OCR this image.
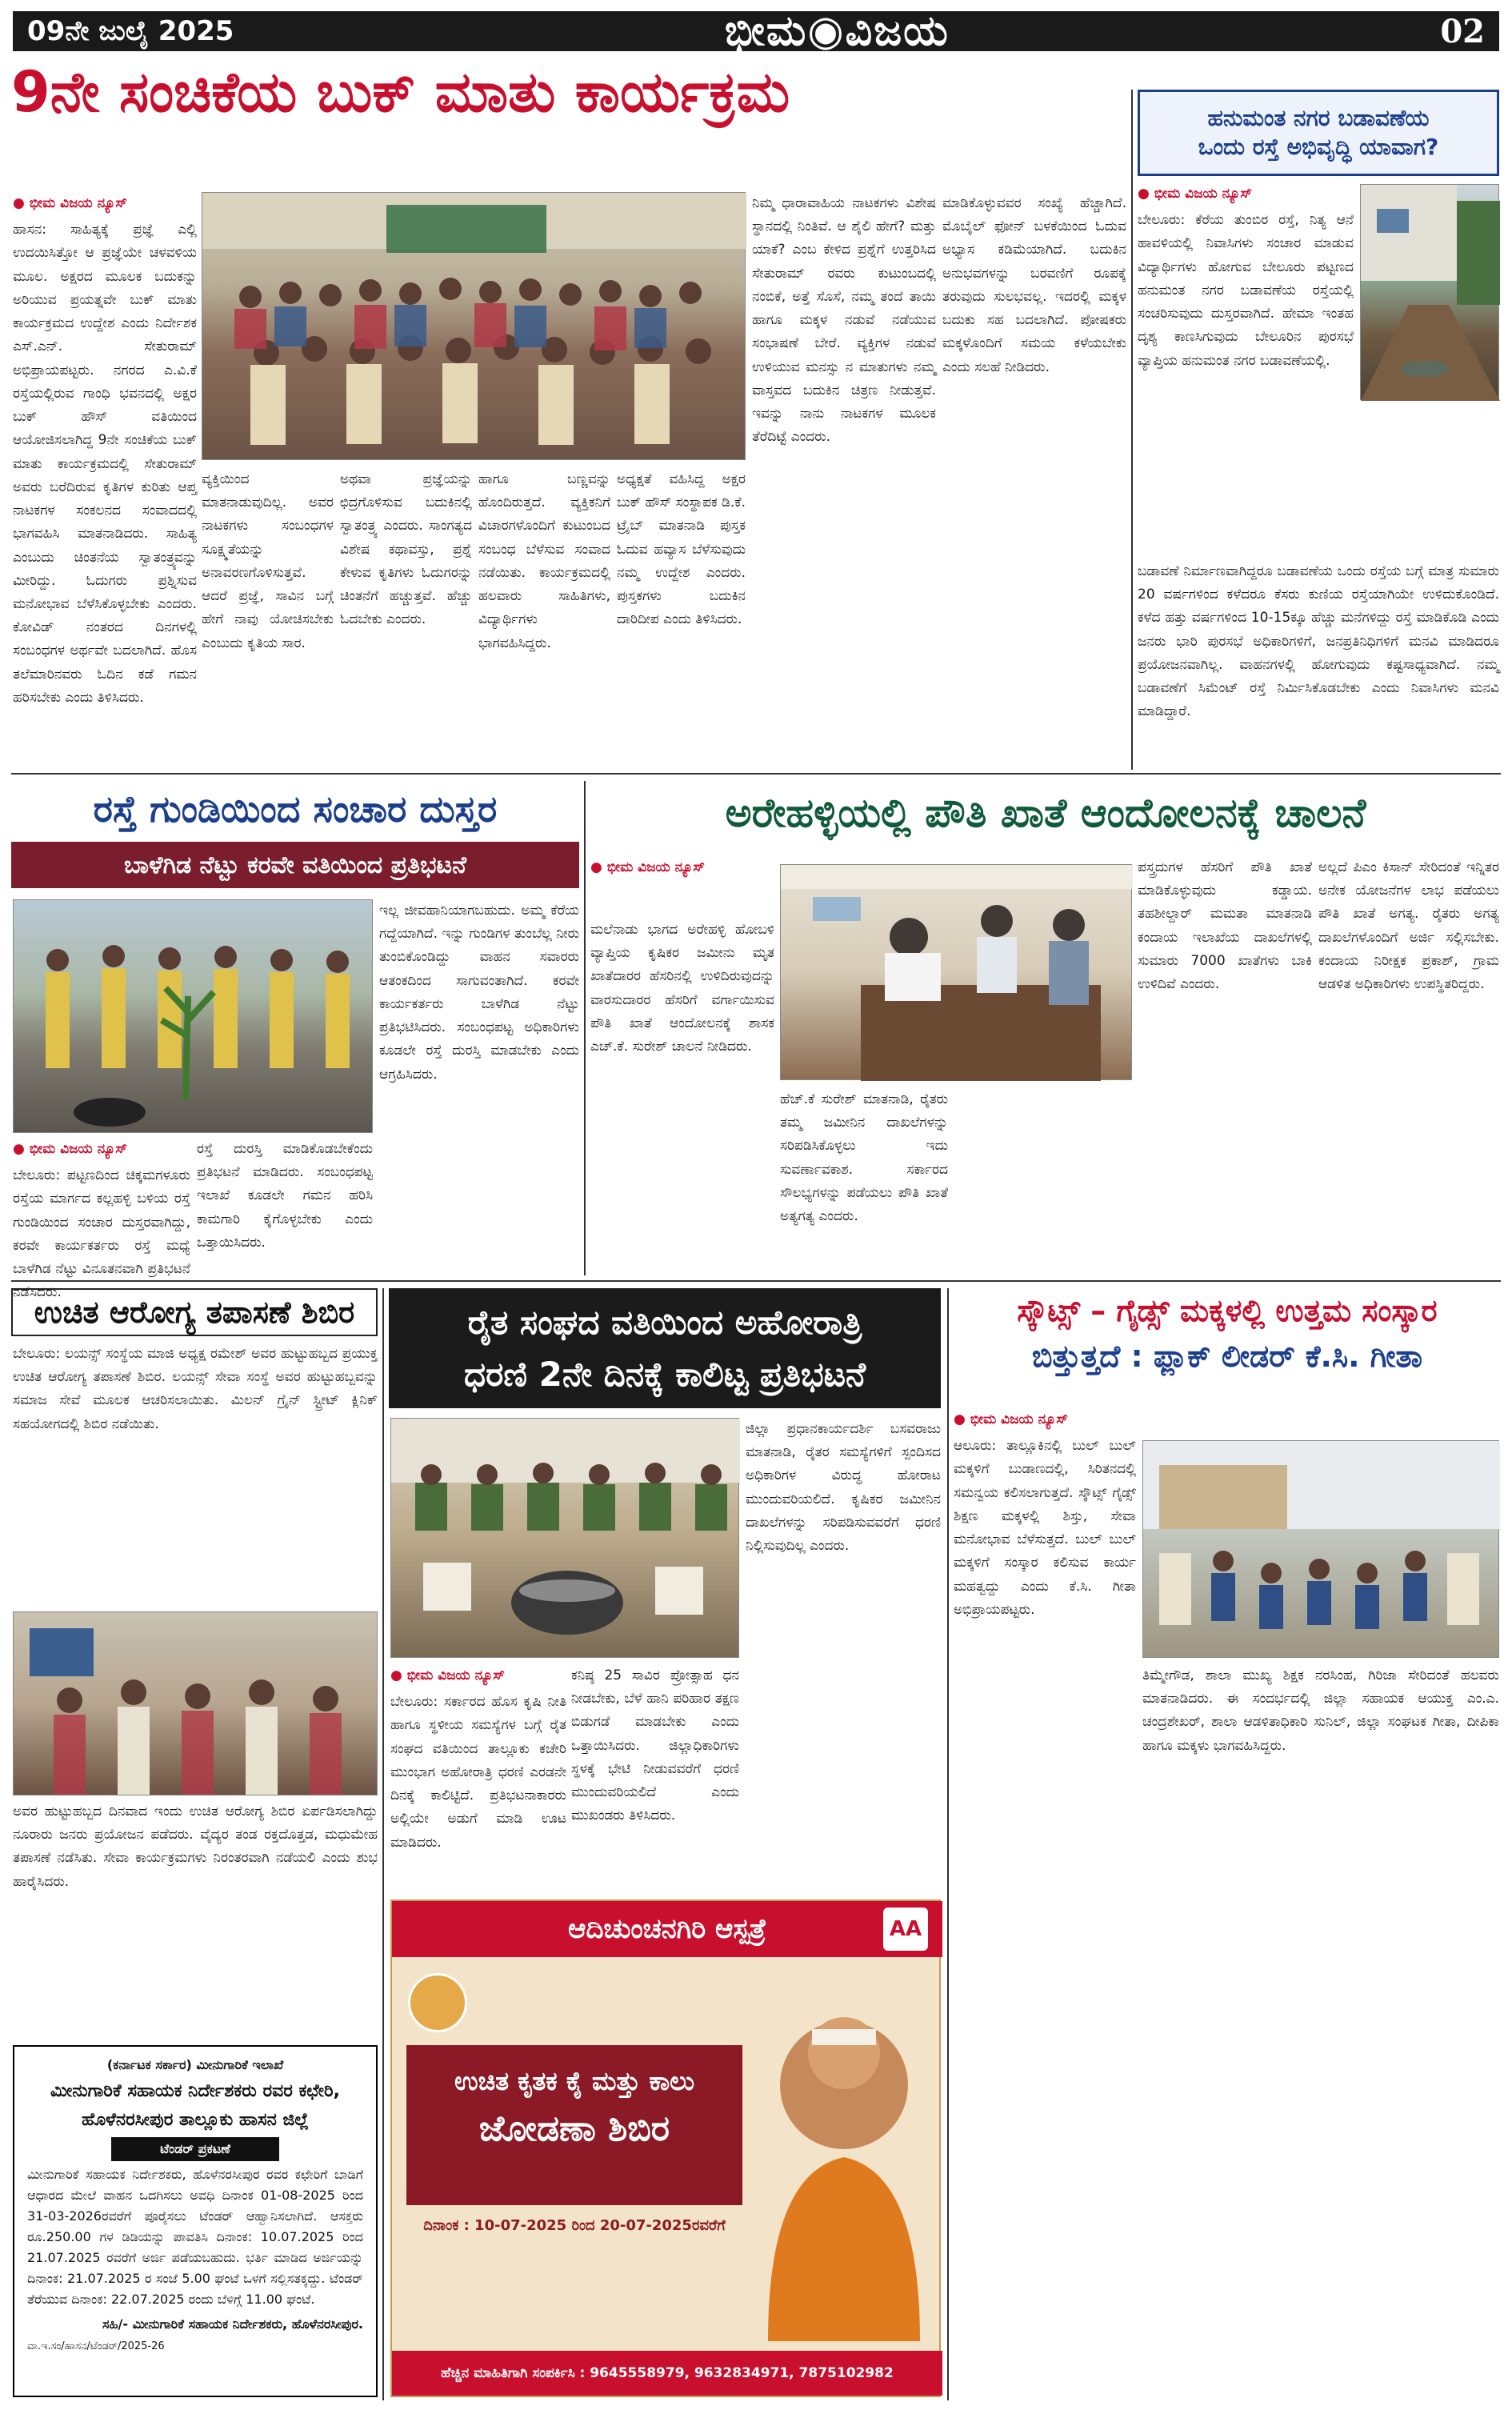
09ನೇ ಜುಲೈ 2025	ಭೀಮ◉ವಿಜಯ	02
9ನೇ ಸಂಚಿಕೆಯ ಬುಕ್ ಮಾತು ಕಾರ್ಯಕ್ರಮ
● ಭೀಮ ವಿಜಯ ನ್ಯೂಸ್
ಹಾಸನ: ಸಾಹಿತ್ಯಕ್ಕೆ ಪ್ರಜ್ಞೆ ಎಲ್ಲಿ ಉದಯಿಸಿತ್ತೋ ಆ ಪ್ರಜ್ಞೆಯೇ ಚಳವಳಿಯ ಮೂಲ. ಅಕ್ಷರದ ಮೂಲಕ ಬದುಕನ್ನು ಅರಿಯುವ ಪ್ರಯತ್ನವೇ ಬುಕ್ ಮಾತು ಕಾರ್ಯಕ್ರಮದ ಉದ್ದೇಶ ಎಂದು ನಿರ್ದೇಶಕ ಎಸ್.ಎನ್. ಸೇತುರಾಮ್ ಅಭಿಪ್ರಾಯಪಟ್ಟರು. ನಗರದ ಎ.ವಿ.ಕೆ ರಸ್ತೆಯಲ್ಲಿರುವ ಗಾಂಧಿ ಭವನದಲ್ಲಿ ಅಕ್ಷರ ಬುಕ್ ಹೌಸ್ ವತಿಯಿಂದ ಆಯೋಜಿಸಲಾಗಿದ್ದ 9ನೇ ಸಂಚಿಕೆಯ ಬುಕ್ ಮಾತು ಕಾರ್ಯಕ್ರಮದಲ್ಲಿ ಸೇತುರಾಮ್ ಅವರು ಬರೆದಿರುವ ಕೃತಿಗಳ ಕುರಿತು ಆಪ್ತ ನಾಟಕಗಳ ಸಂಕಲನದ ಸಂವಾದದಲ್ಲಿ ಭಾಗವಹಿಸಿ ಮಾತನಾಡಿದರು. ಸಾಹಿತ್ಯ ಎಂಬುದು ಚಿಂತನೆಯ ಸ್ವಾತಂತ್ರ್ಯವನ್ನು ಮೀರಿದ್ದು. ಓದುಗರು ಪ್ರಶ್ನಿಸುವ ಮನೋಭಾವ ಬೆಳೆಸಿಕೊಳ್ಳಬೇಕು ಎಂದರು. ಕೋವಿಡ್ ನಂತರದ ದಿನಗಳಲ್ಲಿ ಸಂಬಂಧಗಳ ಅರ್ಥವೇ ಬದಲಾಗಿದೆ. ಹೊಸ ತಲೆಮಾರಿನವರು ಓದಿನ ಕಡೆ ಗಮನ ಹರಿಸಬೇಕು ಎಂದು ತಿಳಿಸಿದರು.
ನಿಮ್ಮ ಧಾರಾವಾಹಿಯ ನಾಟಕಗಳು ವಿಶೇಷ ಸ್ಥಾನದಲ್ಲಿ ನಿಂತಿವೆ. ಆ ಶೈಲಿ ಹೇಗೆ? ಮತ್ತು ಯಾಕೆ? ಎಂಬ ಕೇಳಿದ ಪ್ರಶ್ನೆಗೆ ಉತ್ತರಿಸಿದ ಸೇತುರಾಮ್ ರವರು ಕುಟುಂಬದಲ್ಲಿ ನಂಬಿಕೆ, ಅತ್ತೆ ಸೊಸೆ, ನಮ್ಮ ತಂದೆ ತಾಯಿ ಹಾಗೂ ಮಕ್ಕಳ ನಡುವೆ ನಡೆಯುವ ಸಂಭಾಷಣೆ ಬೇರೆ. ವ್ಯಕ್ತಿಗಳ ನಡುವೆ ಉಳಿಯುವ ಮನಸ್ಸು ನ ಮಾತುಗಳು ನಮ್ಮ ವಾಸ್ತವದ ಬದುಕಿನ ಚಿತ್ರಣ ನೀಡುತ್ತವೆ. ಇವನ್ನು ನಾನು ನಾಟಕಗಳ ಮೂಲಕ ತೆರೆದಿಟ್ಟೆ ಎಂದರು.
ಮಾಡಿಕೊಳ್ಳುವವರ ಸಂಖ್ಯೆ ಹೆಚ್ಚಾಗಿದೆ. ಮೊಬೈಲ್ ಫೋನ್ ಬಳಕೆಯಿಂದ ಓದುವ ಅಭ್ಯಾಸ ಕಡಿಮೆಯಾಗಿದೆ. ಬದುಕಿನ ಅನುಭವಗಳನ್ನು ಬರವಣಿಗೆ ರೂಪಕ್ಕೆ ತರುವುದು ಸುಲಭವಲ್ಲ. ಇದರಲ್ಲಿ ಮಕ್ಕಳ ಬದುಕು ಸಹ ಬದಲಾಗಿದೆ. ಪೋಷಕರು ಮಕ್ಕಳೊಂದಿಗೆ ಸಮಯ ಕಳೆಯಬೇಕು ಎಂದು ಸಲಹೆ ನೀಡಿದರು.
ವ್ಯಕ್ತಿಯಿಂದ ಮಾತನಾಡುವುದಿಲ್ಲ. ಅವರ ನಾಟಕಗಳು ಸಂಬಂಧಗಳ ಸೂಕ್ಷ್ಮತೆಯನ್ನು ಅನಾವರಣಗೊಳಿಸುತ್ತವೆ. ಆದರೆ ಪ್ರಜ್ಞೆ, ಸಾವಿನ ಬಗ್ಗೆ ಹೇಗೆ ನಾವು ಯೋಚಿಸಬೇಕು ಎಂಬುದು ಕೃತಿಯ ಸಾರ.
ಅಥವಾ ಪ್ರಜ್ಞೆಯನ್ನು ಛಿದ್ರಗೊಳಿಸುವ ಬದುಕಿನಲ್ಲಿ ಸ್ವಾತಂತ್ರ್ಯ ಎಂದರು. ಸಾಂಗತ್ಯದ ವಿಶೇಷ ಕಥಾವಸ್ತು, ಪ್ರಶ್ನೆ ಕೇಳುವ ಕೃತಿಗಳು ಓದುಗರನ್ನು ಚಿಂತನೆಗೆ ಹಚ್ಚುತ್ತವೆ. ಹೆಚ್ಚು ಓದಬೇಕು ಎಂದರು.
ಹಾಗೂ ಬಣ್ಣವನ್ನು ಹೊಂದಿರುತ್ತದೆ. ವ್ಯಕ್ತಿಕನಿಗೆ ವಿಚಾರಗಳೊಂದಿಗೆ ಕುಟುಂಬದ ಸಂಬಂಧ ಬೆಳೆಸುವ ಸಂವಾದ ನಡೆಯಿತು. ಕಾರ್ಯಕ್ರಮದಲ್ಲಿ ಹಲವಾರು ಸಾಹಿತಿಗಳು, ವಿದ್ಯಾರ್ಥಿಗಳು ಭಾಗವಹಿಸಿದ್ದರು.
ಅಧ್ಯಕ್ಷತೆ ವಹಿಸಿದ್ದ ಅಕ್ಷರ ಬುಕ್ ಹೌಸ್ ಸಂಸ್ಥಾಪಕ ಡಿ.ಕೆ. ಟ್ರೈಬ್ ಮಾತನಾಡಿ ಪುಸ್ತಕ ಓದುವ ಹವ್ಯಾಸ ಬೆಳೆಸುವುದು ನಮ್ಮ ಉದ್ದೇಶ ಎಂದರು. ಪುಸ್ತಕಗಳು ಬದುಕಿನ ದಾರಿದೀಪ ಎಂದು ತಿಳಿಸಿದರು.
ಹನುಮಂತ ನಗರ ಬಡಾವಣೆಯ
ಒಂದು ರಸ್ತೆ ಅಭಿವೃದ್ಧಿ ಯಾವಾಗ?
● ಭೀಮ ವಿಜಯ ನ್ಯೂಸ್
ಬೇಲೂರು: ಕೆರೆಯ ತುಂಬಿರ ರಸ್ತೆ, ನಿತ್ಯ ಆನೆ ಹಾವಳಿಯಲ್ಲಿ ನಿವಾಸಿಗಳು ಸಂಚಾರ ಮಾಡುವ ವಿದ್ಯಾರ್ಥಿಗಳು ಹೋಗುವ ಬೇಲೂರು ಪಟ್ಟಣದ ಹನುಮಂತ ನಗರ ಬಡಾವಣೆಯ ರಸ್ತೆಯಲ್ಲಿ ಸಂಚರಿಸುವುದು ದುಸ್ತರವಾಗಿದೆ. ಹೇಮಾ ಇಂತಹ ದೃಶ್ಯ ಕಾಣಸಿಗುವುದು ಬೇಲೂರಿನ ಪುರಸಭೆ ವ್ಯಾಪ್ತಿಯ ಹನುಮಂತ ನಗರ ಬಡಾವಣೆಯಲ್ಲಿ.
ಬಡಾವಣೆ ನಿರ್ಮಾಣವಾಗಿದ್ದರೂ ಬಡಾವಣೆಯ ಒಂದು ರಸ್ತೆಯ ಬಗ್ಗೆ ಮಾತ್ರ ಸುಮಾರು 20 ವರ್ಷಗಳಿಂದ ಕಳೆದರೂ ಕೆಸರು ಕುಣಿಯ ರಸ್ತೆಯಾಗಿಯೇ ಉಳಿದುಕೊಂಡಿದೆ. ಕಳೆದ ಹತ್ತು ವರ್ಷಗಳಿಂದ 10-15ಕ್ಕೂ ಹೆಚ್ಚು ಮನೆಗಳಿದ್ದು ರಸ್ತೆ ಮಾಡಿಕೊಡಿ ಎಂದು ಜನರು ಭಾರಿ ಪುರಸಭೆ ಅಧಿಕಾರಿಗಳಿಗೆ, ಜನಪ್ರತಿನಿಧಿಗಳಿಗೆ ಮನವಿ ಮಾಡಿದರೂ ಪ್ರಯೋಜನವಾಗಿಲ್ಲ. ವಾಹನಗಳಲ್ಲಿ ಹೋಗುವುದು ಕಷ್ಟಸಾಧ್ಯವಾಗಿದೆ. ನಮ್ಮ ಬಡಾವಣೆಗೆ ಸಿಮೆಂಟ್ ರಸ್ತೆ ನಿರ್ಮಿಸಿಕೊಡಬೇಕು ಎಂದು ನಿವಾಸಿಗಳು ಮನವಿ ಮಾಡಿದ್ದಾರೆ.
ರಸ್ತೆ ಗುಂಡಿಯಿಂದ ಸಂಚಾರ ದುಸ್ತರ
ಬಾಳೆಗಿಡ ನೆಟ್ಟು ಕರವೇ ವತಿಯಿಂದ ಪ್ರತಿಭಟನೆ
ಇಲ್ಲ ಜೀವಹಾನಿಯಾಗಬಹುದು. ಅಮ್ಮ ಕೆರೆಯ ಗದ್ದೆಯಾಗಿದೆ. ಇನ್ನು ಗುಂಡಿಗಳ ತುಂಬೆಲ್ಲ ನೀರು ತುಂಬಿಕೊಂಡಿದ್ದು ವಾಹನ ಸವಾರರು ಆತಂಕದಿಂದ ಸಾಗುವಂತಾಗಿದೆ. ಕರವೇ ಕಾರ್ಯಕರ್ತರು ಬಾಳೆಗಿಡ ನೆಟ್ಟು ಪ್ರತಿಭಟಿಸಿದರು. ಸಂಬಂಧಪಟ್ಟ ಅಧಿಕಾರಿಗಳು ಕೂಡಲೇ ರಸ್ತೆ ದುರಸ್ತಿ ಮಾಡಬೇಕು ಎಂದು ಆಗ್ರಹಿಸಿದರು.
● ಭೀಮ ವಿಜಯ ನ್ಯೂಸ್
ಬೇಲೂರು: ಪಟ್ಟಣದಿಂದ ಚಿಕ್ಕಮಗಳೂರು ರಸ್ತೆಯ ಮಾರ್ಗದ ಕಲ್ಲಹಳ್ಳಿ ಬಳಿಯ ರಸ್ತೆ ಗುಂಡಿಯಿಂದ ಸಂಚಾರ ದುಸ್ತರವಾಗಿದ್ದು, ಕರವೇ ಕಾರ್ಯಕರ್ತರು ರಸ್ತೆ ಮಧ್ಯೆ ಬಾಳೆಗಿಡ ನೆಟ್ಟು ವಿನೂತನವಾಗಿ ಪ್ರತಿಭಟನೆ ನಡೆಸಿದರು.
ರಸ್ತೆ ದುರಸ್ತಿ ಮಾಡಿಕೊಡಬೇಕೆಂದು ಪ್ರತಿಭಟನೆ ಮಾಡಿದರು. ಸಂಬಂಧಪಟ್ಟ ಇಲಾಖೆ ಕೂಡಲೇ ಗಮನ ಹರಿಸಿ ಕಾಮಗಾರಿ ಕೈಗೊಳ್ಳಬೇಕು ಎಂದು ಒತ್ತಾಯಿಸಿದರು.
ಅರೇಹಳ್ಳಿಯಲ್ಲಿ ಪೌತಿ ಖಾತೆ ಆಂದೋಲನಕ್ಕೆ ಚಾಲನೆ
● ಭೀಮ ವಿಜಯ ನ್ಯೂಸ್
ಮಲೆನಾಡು ಭಾಗದ ಅರೇಹಳ್ಳಿ ಹೋಬಳಿ ವ್ಯಾಪ್ತಿಯ ಕೃಷಿಕರ ಜಮೀನು ಮೃತ ಖಾತೆದಾರರ ಹೆಸರಿನಲ್ಲಿ ಉಳಿದಿರುವುದನ್ನು ವಾರಸುದಾರರ ಹೆಸರಿಗೆ ವರ್ಗಾಯಿಸುವ ಪೌತಿ ಖಾತೆ ಆಂದೋಲನಕ್ಕೆ ಶಾಸಕ ಎಚ್.ಕೆ. ಸುರೇಶ್ ಚಾಲನೆ ನೀಡಿದರು.
ಹೆಚ್.ಕೆ ಸುರೇಶ್ ಮಾತನಾಡಿ, ರೈತರು ತಮ್ಮ ಜಮೀನಿನ ದಾಖಲೆಗಳನ್ನು ಸರಿಪಡಿಸಿಕೊಳ್ಳಲು ಇದು ಸುವರ್ಣಾವಕಾಶ. ಸರ್ಕಾರದ ಸೌಲಭ್ಯಗಳನ್ನು ಪಡೆಯಲು ಪೌತಿ ಖಾತೆ ಅತ್ಯಗತ್ಯ ಎಂದರು.
ಪಸ್ತ್ರದುಗಳ ಹೆಸರಿಗೆ ಪೌತಿ ಖಾತೆ ಮಾಡಿಕೊಳ್ಳುವುದು ಕಡ್ಡಾಯ. ತಹಶೀಲ್ದಾರ್ ಮಮತಾ ಮಾತನಾಡಿ ಕಂದಾಯ ಇಲಾಖೆಯ ದಾಖಲೆಗಳಲ್ಲಿ ಸುಮಾರು 7000 ಖಾತೆಗಳು ಬಾಕಿ ಉಳಿದಿವೆ ಎಂದರು.
ಅಲ್ಲದೆ ಪಿಎಂ ಕಿಸಾನ್ ಸೇರಿದಂತೆ ಇನ್ನಿತರ ಅನೇಕ ಯೋಜನೆಗಳ ಲಾಭ ಪಡೆಯಲು ಪೌತಿ ಖಾತೆ ಅಗತ್ಯ. ರೈತರು ಅಗತ್ಯ ದಾಖಲೆಗಳೊಂದಿಗೆ ಅರ್ಜಿ ಸಲ್ಲಿಸಬೇಕು. ಕಂದಾಯ ನಿರೀಕ್ಷಕ ಪ್ರಕಾಶ್, ಗ್ರಾಮ ಆಡಳಿತ ಅಧಿಕಾರಿಗಳು ಉಪಸ್ಥಿತರಿದ್ದರು.
ಉಚಿತ ಆರೋಗ್ಯ ತಪಾಸಣೆ ಶಿಬಿರ
ಬೇಲೂರು: ಲಯನ್ಸ್ ಸಂಸ್ಥೆಯ ಮಾಜಿ ಅಧ್ಯಕ್ಷ ರಮೇಶ್ ಅವರ ಹುಟ್ಟುಹಬ್ಬದ ಪ್ರಯುಕ್ತ ಉಚಿತ ಆರೋಗ್ಯ ತಪಾಸಣೆ ಶಿಬಿರ. ಲಯನ್ಸ್ ಸೇವಾ ಸಂಸ್ಥೆ ಅವರ ಹುಟ್ಟುಹಬ್ಬವನ್ನು ಸಮಾಜ ಸೇವೆ ಮೂಲಕ ಆಚರಿಸಲಾಯಿತು. ಮಿಲನ್ ಗ್ರೈನ್ ಸ್ಟ್ರೀಟ್ ಕ್ಲಿನಿಕ್ ಸಹಯೋಗದಲ್ಲಿ ಶಿಬಿರ ನಡೆಯಿತು.
ಅವರ ಹುಟ್ಟುಹಬ್ಬದ ದಿನವಾದ ಇಂದು ಉಚಿತ ಆರೋಗ್ಯ ಶಿಬಿರ ಏರ್ಪಡಿಸಲಾಗಿದ್ದು ನೂರಾರು ಜನರು ಪ್ರಯೋಜನ ಪಡೆದರು. ವೈದ್ಯರ ತಂಡ ರಕ್ತದೊತ್ತಡ, ಮಧುಮೇಹ ತಪಾಸಣೆ ನಡೆಸಿತು. ಸೇವಾ ಕಾರ್ಯಕ್ರಮಗಳು ನಿರಂತರವಾಗಿ ನಡೆಯಲಿ ಎಂದು ಶುಭ ಹಾರೈಸಿದರು.
(ಕರ್ನಾಟಕ ಸರ್ಕಾರ) ಮೀನುಗಾರಿಕೆ ಇಲಾಖೆ
ಮೀನುಗಾರಿಕೆ ಸಹಾಯಕ ನಿರ್ದೇಶಕರು ರವರ ಕಛೇರಿ, ಹೊಳೆನರಸೀಪುರ ತಾಲ್ಲೂಕು ಹಾಸನ ಜಿಲ್ಲೆ
ಟೆಂಡರ್ ಪ್ರಕಟಣೆ
ಮೀನುಗಾರಿಕೆ ಸಹಾಯಕ ನಿರ್ದೇಶಕರು, ಹೊಳೆನರಸೀಪುರ ರವರ ಕಛೇರಿಗೆ ಬಾಡಿಗೆ ಆಧಾರದ ಮೇಲೆ ವಾಹನ ಒದಗಿಸಲು ಅವಧಿ ದಿನಾಂಕ 01-08-2025 ರಿಂದ 31-03-2026ರವರೆಗೆ ಪೂರೈಸಲು ಟೆಂಡರ್ ಆಹ್ವಾನಿಸಲಾಗಿದೆ. ಆಸಕ್ತರು ರೂ.250.00 ಗಳ ಡಿಡಿಯನ್ನು ಪಾವತಿಸಿ ದಿನಾಂಕ: 10.07.2025 ರಿಂದ 21.07.2025 ರವರೆಗೆ ಅರ್ಜಿ ಪಡೆಯಬಹುದು. ಭರ್ತಿ ಮಾಡಿದ ಅರ್ಜಿಯನ್ನು ದಿನಾಂಕ: 21.07.2025 ರ ಸಂಜೆ 5.00 ಘಂಟೆ ಒಳಗೆ ಸಲ್ಲಿಸತಕ್ಕದ್ದು. ಟೆಂಡರ್ ತೆರೆಯುವ ದಿನಾಂಕ: 22.07.2025 ರಂದು ಬೆಳಿಗ್ಗೆ 11.00 ಘಂಟೆ.
ಸಹಿ/- ಮೀನುಗಾರಿಕೆ ಸಹಾಯಕ ನಿರ್ದೇಶಕರು, ಹೊಳೆನರಸೀಪುರ.
ವಾ.ಇ.ಸಂ/ಹಾಸನ/ಟೆಂಡರ್/2025-26
ರೈತ ಸಂಘದ ವತಿಯಿಂದ ಅಹೋರಾತ್ರಿ
ಧರಣಿ 2ನೇ ದಿನಕ್ಕೆ ಕಾಲಿಟ್ಟ ಪ್ರತಿಭಟನೆ
ಜಿಲ್ಲಾ ಪ್ರಧಾನಕಾರ್ಯದರ್ಶಿ ಬಸವರಾಜು ಮಾತನಾಡಿ, ರೈತರ ಸಮಸ್ಯೆಗಳಿಗೆ ಸ್ಪಂದಿಸದ ಅಧಿಕಾರಿಗಳ ವಿರುದ್ಧ ಹೋರಾಟ ಮುಂದುವರಿಯಲಿದೆ. ಕೃಷಿಕರ ಜಮೀನಿನ ದಾಖಲೆಗಳನ್ನು ಸರಿಪಡಿಸುವವರೆಗೆ ಧರಣಿ ನಿಲ್ಲಿಸುವುದಿಲ್ಲ ಎಂದರು.
● ಭೀಮ ವಿಜಯ ನ್ಯೂಸ್
ಬೇಲೂರು: ಸರ್ಕಾರದ ಹೊಸ ಕೃಷಿ ನೀತಿ ಹಾಗೂ ಸ್ಥಳೀಯ ಸಮಸ್ಯೆಗಳ ಬಗ್ಗೆ ರೈತ ಸಂಘದ ವತಿಯಿಂದ ತಾಲ್ಲೂಕು ಕಚೇರಿ ಮುಂಭಾಗ ಅಹೋರಾತ್ರಿ ಧರಣಿ ಎರಡನೇ ದಿನಕ್ಕೆ ಕಾಲಿಟ್ಟಿದೆ. ಪ್ರತಿಭಟನಾಕಾರರು ಅಲ್ಲಿಯೇ ಅಡುಗೆ ಮಾಡಿ ಊಟ ಮಾಡಿದರು.
ಕನಿಷ್ಠ 25 ಸಾವಿರ ಪ್ರೋತ್ಸಾಹ ಧನ ನೀಡಬೇಕು, ಬೆಳೆ ಹಾನಿ ಪರಿಹಾರ ತಕ್ಷಣ ಬಿಡುಗಡೆ ಮಾಡಬೇಕು ಎಂದು ಒತ್ತಾಯಿಸಿದರು. ಜಿಲ್ಲಾಧಿಕಾರಿಗಳು ಸ್ಥಳಕ್ಕೆ ಭೇಟಿ ನೀಡುವವರೆಗೆ ಧರಣಿ ಮುಂದುವರಿಯಲಿದೆ ಎಂದು ಮುಖಂಡರು ತಿಳಿಸಿದರು.
ಆದಿಚುಂಚನಗಿರಿ ಆಸ್ಪತ್ರೆ	AA
ಉಚಿತ ಕೃತಕ ಕೈ ಮತ್ತು ಕಾಲು
ಜೋಡಣಾ ಶಿಬಿರ
ದಿನಾಂಕ : 10-07-2025 ರಿಂದ 20-07-2025ರವರೆಗೆ
ಹೆಚ್ಚಿನ ಮಾಹಿತಿಗಾಗಿ ಸಂಪರ್ಕಿಸಿ : 9645558979, 9632834971, 7875102982
ಸ್ಕೌಟ್ಸ್ – ಗೈಡ್ಸ್ ಮಕ್ಕಳಲ್ಲಿ ಉತ್ತಮ ಸಂಸ್ಕಾರ
ಬಿತ್ತುತ್ತದೆ : ಫ್ಲಾಕ್ ಲೀಡರ್ ಕೆ.ಸಿ. ಗೀತಾ
● ಭೀಮ ವಿಜಯ ನ್ಯೂಸ್
ಆಲೂರು: ತಾಲ್ಲೂಕಿನಲ್ಲಿ ಬುಲ್ ಬುಲ್ ಮಕ್ಕಳಿಗೆ ಬುಡಾಣದಲ್ಲಿ, ಸಿರಿತನದಲ್ಲಿ ಸಮನ್ವಯ ಕಲಿಸಲಾಗುತ್ತದೆ. ಸ್ಕೌಟ್ಸ್ ಗೈಡ್ಸ್ ಶಿಕ್ಷಣ ಮಕ್ಕಳಲ್ಲಿ ಶಿಸ್ತು, ಸೇವಾ ಮನೋಭಾವ ಬೆಳೆಸುತ್ತದೆ. ಬುಲ್ ಬುಲ್ ಮಕ್ಕಳಿಗೆ ಸಂಸ್ಕಾರ ಕಲಿಸುವ ಕಾರ್ಯ ಮಹತ್ವದ್ದು ಎಂದು ಕೆ.ಸಿ. ಗೀತಾ ಅಭಿಪ್ರಾಯಪಟ್ಟರು.
ತಿಮ್ಮೇಗೌಡ, ಶಾಲಾ ಮುಖ್ಯ ಶಿಕ್ಷಕ ನರಸಿಂಹ, ಗಿರಿಜಾ ಸೇರಿದಂತೆ ಹಲವರು ಮಾತನಾಡಿದರು. ಈ ಸಂದರ್ಭದಲ್ಲಿ ಜಿಲ್ಲಾ ಸಹಾಯಕ ಆಯುಕ್ತ ಎಂ.ಎ. ಚಂದ್ರಶೇಖರ್, ಶಾಲಾ ಆಡಳಿತಾಧಿಕಾರಿ ಸುನಿಲ್, ಜಿಲ್ಲಾ ಸಂಘಟಕ ಗೀತಾ, ದೀಪಿಕಾ ಹಾಗೂ ಮಕ್ಕಳು ಭಾಗವಹಿಸಿದ್ದರು.
